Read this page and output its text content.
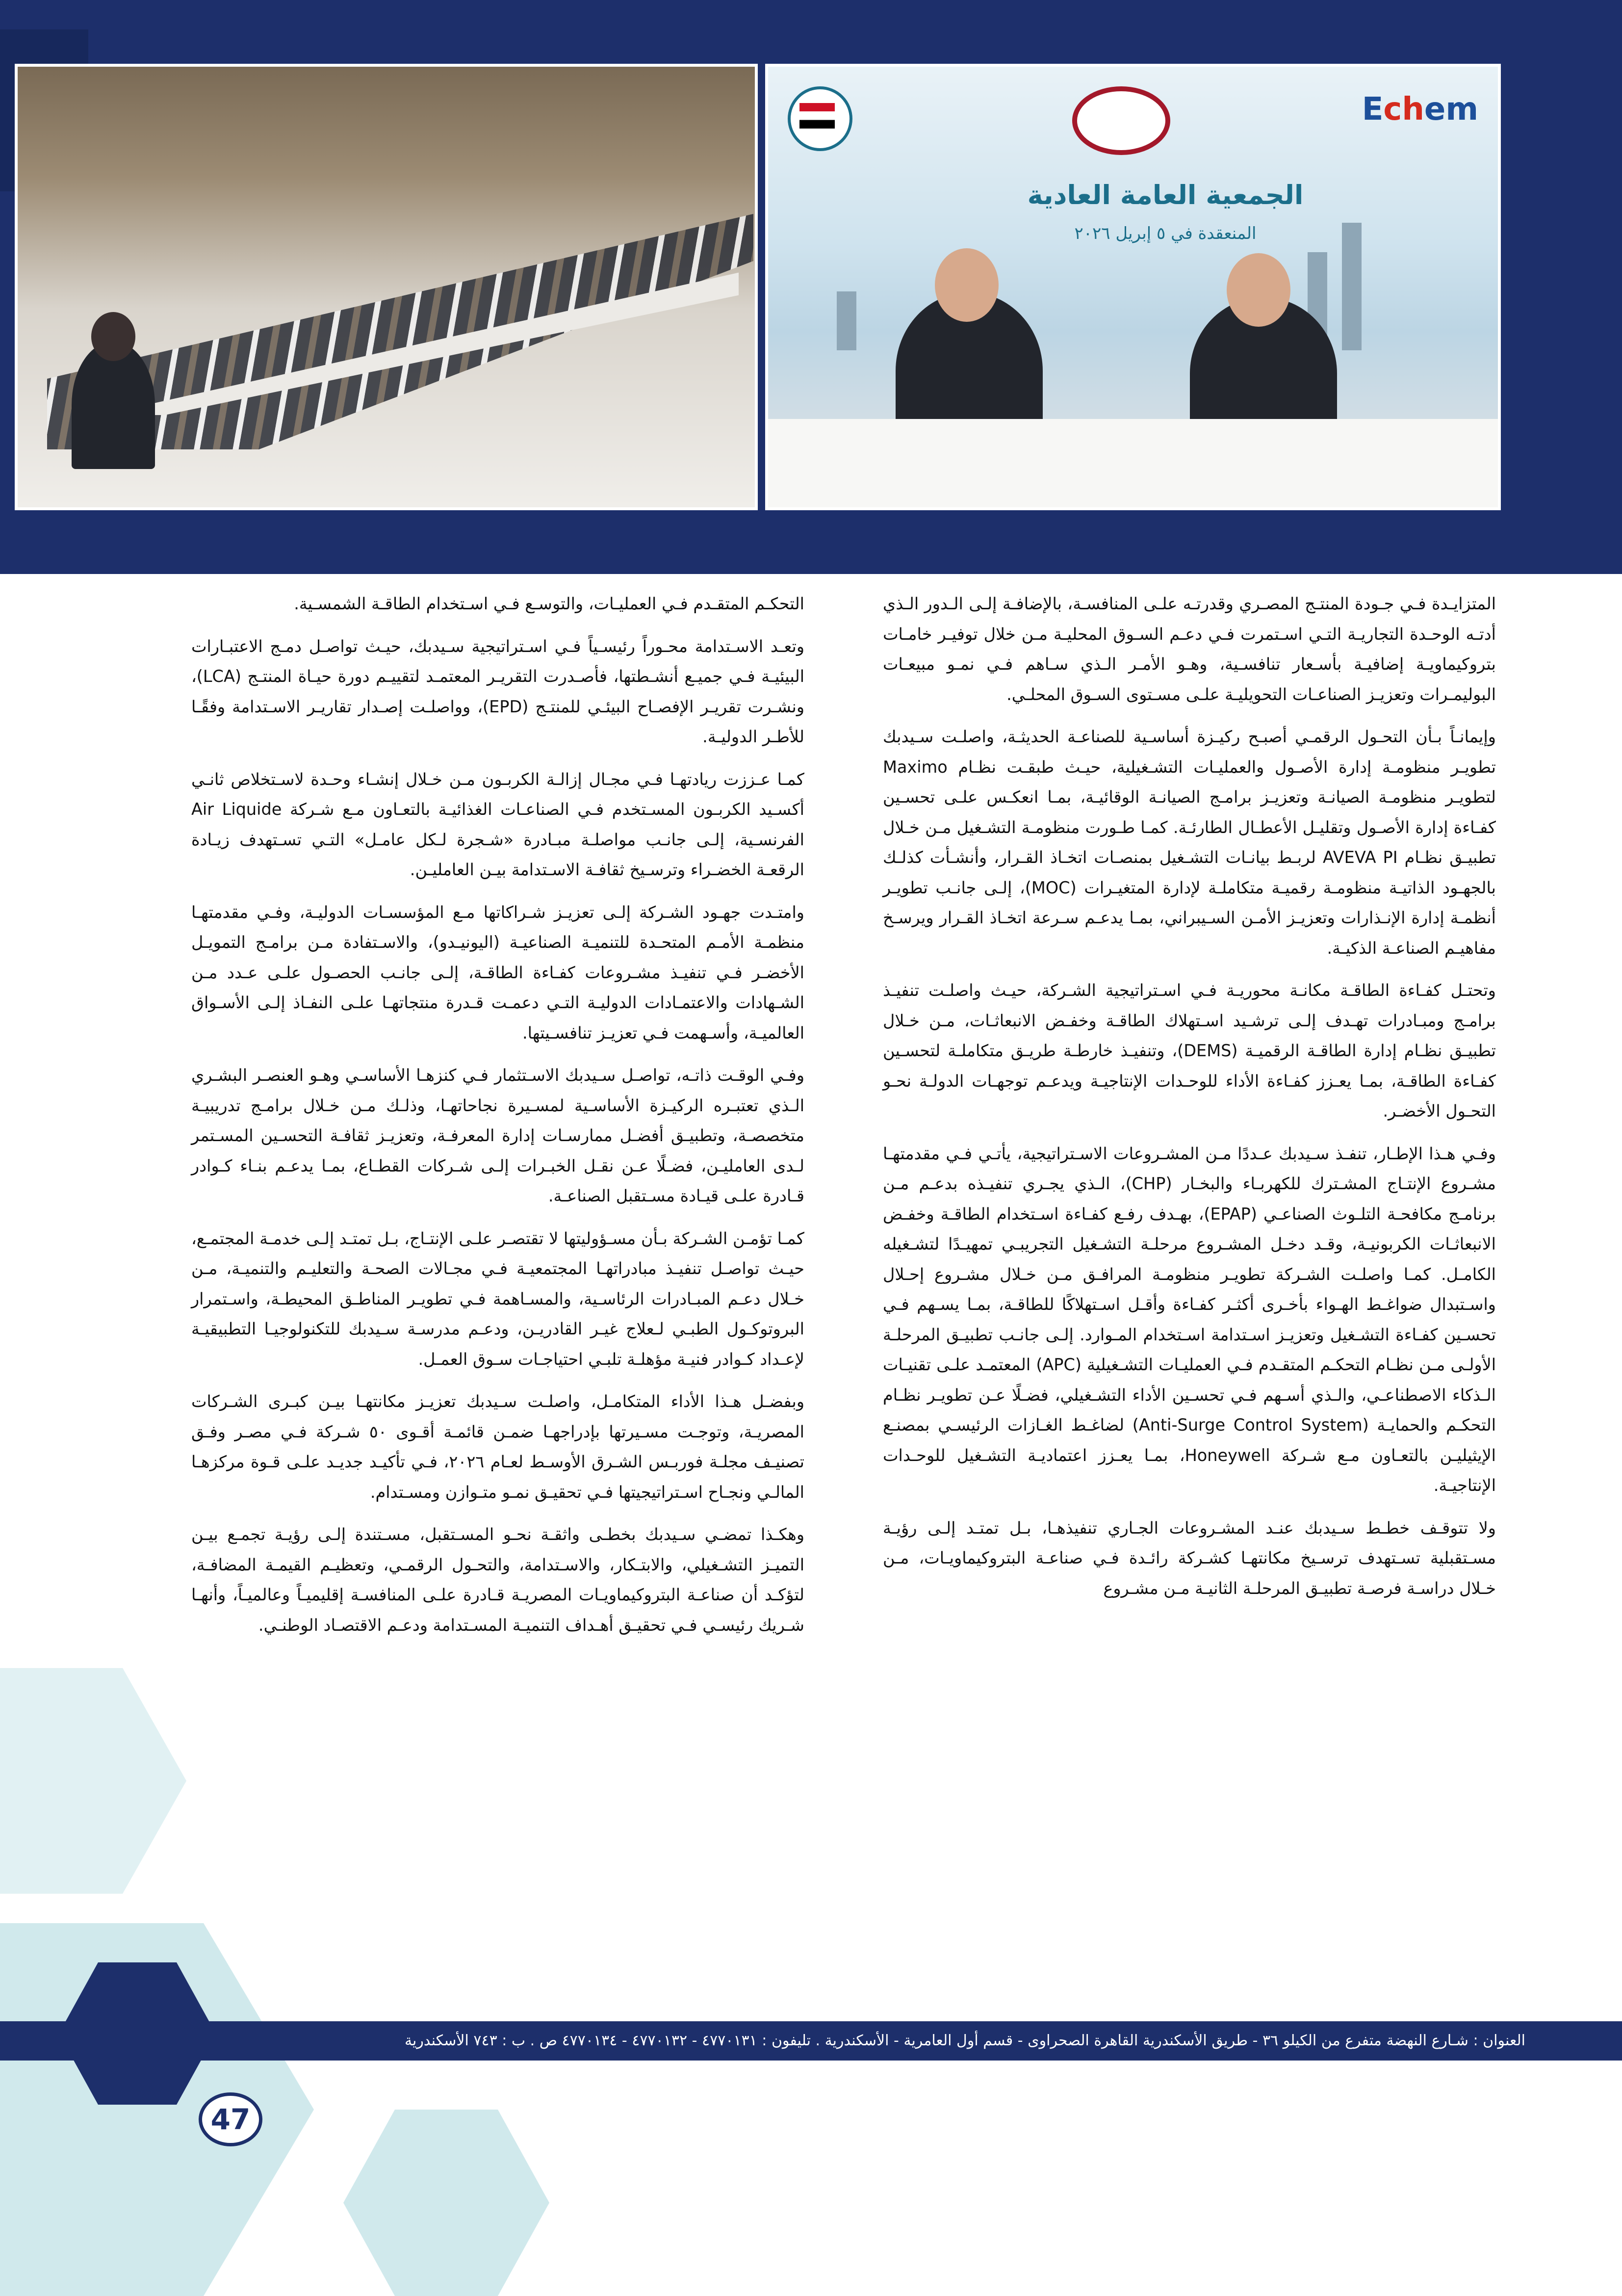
Echem
الجمعية العامة العادية
المنعقدة في ٥ إبريل ٢٠٢٦

المتزايـدة فـي جـودة المنتـج المصـري وقدرتـه علـى المنافسـة، بالإضافـة إلـى الـدور الـذي أدتـه الوحـدة التجاريـة التـي اسـتمرت فـي دعـم السـوق المحليـة مـن خلال توفيـر خامـات بتروكيماويـة إضافيـة بأسـعار تنافسـية، وهـو الأمـر الـذي سـاهم فـي نمـو مبيعـات البوليمـرات وتعزيـز الصناعـات التحويليـة علـى مسـتوى السـوق المحلـي.

وإيمانـاً بـأن التحـول الرقمـي أصبـح ركيـزة أساسـية للصناعـة الحديثـة، واصلـت سـيدبك تطويـر منظومـة إدارة الأصـول والعمليـات التشـغيلية، حيـث طبقـت نظـام Maximo لتطويـر منظومـة الصيانـة وتعزيـز برامـج الصيانـة الوقائيـة، بمـا انعكـس علـى تحسـين كفـاءة إدارة الأصـول وتقليـل الأعطـال الطارئـة. كمـا طـورت منظومـة التشـغيل مـن خـلال تطبيـق نظـام AVEVA PI لربـط بيانـات التشـغيل بمنصـات اتخـاذ القـرار، وأنشـأت كذلـك بالجهـود الذاتيـة منظومـة رقميـة متكاملـة لإدارة المتغيـرات (MOC)، إلـى جانـب تطويـر أنظمـة إدارة الإنـذارات وتعزيـز الأمـن السـيبراني، بمـا يدعـم سـرعة اتخـاذ القـرار ويرسـخ مفاهيـم الصناعـة الذكيـة.

وتحتـل كفـاءة الطاقـة مكانـة محوريـة فـي اسـتراتيجية الشـركة، حيـث واصلـت تنفيـذ برامـج ومبـادرات تهـدف إلـى ترشـيد اسـتهلاك الطاقـة وخفـض الانبعاثـات، مـن خـلال تطبيـق نظـام إدارة الطاقـة الرقميـة (DEMS)، وتنفيـذ خارطـة طريـق متكاملـة لتحسـين كفـاءة الطاقـة، بمـا يعـزز كفـاءة الأداء للوحـدات الإنتاجيـة ويدعـم توجهـات الدولـة نحـو التحـول الأخضـر.

وفـي هـذا الإطـار، تنفـذ سـيدبك عـددًا مـن المشـروعات الاسـتراتيجية، يأتـي فـي مقدمتهـا مشـروع الإنتـاج المشـترك للكهربـاء والبخـار (CHP)، الـذي يجـري تنفيـذه بدعـم مـن برنامـج مكافحـة التلـوث الصناعـي (EPAP)، بهـدف رفـع كفـاءة اسـتخدام الطاقـة وخفـض الانبعاثـات الكربونيـة، وقـد دخـل المشـروع مرحلـة التشـغيل التجريبـي تمهيـدًا لتشـغيله الكامـل. كمـا واصلـت الشـركة تطويـر منظومـة المرافـق مـن خـلال مشـروع إحـلال واسـتبدال ضواغـط الهـواء بأخـرى أكثـر كفـاءة وأقـل اسـتهلاكًا للطاقـة، بمـا يسـهم فـي تحسـين كفـاءة التشـغيل وتعزيـز اسـتدامة اسـتخدام المـوارد. إلـى جانـب تطبيـق المرحلـة الأولـى مـن نظـام التحكـم المتقـدم فـي العمليـات التشـغيلية (APC) المعتمـد علـى تقنيـات الـذكاء الاصطناعـي، والـذي أسـهم فـي تحسـين الأداء التشـغيلي، فضـلًا عـن تطويـر نظـام التحكـم والحمايـة (Anti-Surge Control System) لضاغـط الغـازات الرئيسـي بمصنـع الإيثيليـن بالتعـاون مـع شـركة Honeywell، بمـا يعـزز اعتماديـة التشـغيل للوحـدات الإنتاجيـة.

ولا تتوقـف خطـط سـيدبك عنـد المشـروعات الجـاري تنفيذهـا، بـل تمتـد إلـى رؤيـة مسـتقبلية تسـتهدف ترسـيخ مكانتهـا كشـركة رائـدة فـي صناعـة البتروكيماويـات، مـن خـلال دراسـة فرصـة تطبيـق المرحلـة الثانيـة مـن مشـروع

التحكـم المتقـدم فـي العمليـات، والتوسـع فـي اسـتخدام الطاقـة الشمسـية.

وتعـد الاسـتدامة محـوراً رئيسـياً فـي اسـتراتيجية سـيدبك، حيـث تواصـل دمـج الاعتبـارات البيئيـة فـي جميـع أنشـطتها، فأصـدرت التقريـر المعتمـد لتقييـم دورة حيـاة المنتـج (LCA)، ونشـرت تقريـر الإفصـاح البيئـي للمنتـج (EPD)، وواصلـت إصـدار تقاريـر الاسـتدامة وفقًـا للأطـر الدوليـة.

كمـا عـززت ريادتهـا فـي مجـال إزالـة الكربـون مـن خـلال إنشـاء وحـدة لاسـتخلاص ثانـي أكسـيد الكربـون المسـتخدم فـي الصناعـات الغذائيـة بالتعـاون مـع شـركة Air Liquide الفرنسـية، إلـى جانـب مواصلـة مبـادرة «شـجرة لـكل عامـل» التـي تسـتهدف زيـادة الرقعـة الخضـراء وترسـيخ ثقافـة الاسـتدامة بيـن العامليـن.

وامتـدت جهـود الشـركة إلـى تعزيـز شـراكاتها مـع المؤسسـات الدوليـة، وفـي مقدمتهـا منظمـة الأمـم المتحـدة للتنميـة الصناعيـة (اليونيـدو)، والاسـتفادة مـن برامـج التمويـل الأخضـر فـي تنفيـذ مشـروعات كفـاءة الطاقـة، إلـى جانـب الحصـول علـى عـدد مـن الشـهادات والاعتمـادات الدوليـة التـي دعمـت قـدرة منتجاتهـا علـى النفـاذ إلـى الأسـواق العالميـة، وأسـهمت فـي تعزيـز تنافسـيتها.

وفـي الوقـت ذاتـه، تواصـل سـيدبك الاسـتثمار فـي كنزهـا الأساسـي وهـو العنصـر البشـري الـذي تعتبـره الركيـزة الأساسـية لمسـيرة نجاحاتهـا، وذلـك مـن خـلال برامـج تدريبيـة متخصصـة، وتطبيـق أفضـل ممارسـات إدارة المعرفـة، وتعزيـز ثقافـة التحسـين المسـتمر لـدى العامليـن، فضـلًا عـن نقـل الخبـرات إلـى شـركات القطـاع، بمـا يدعـم بنـاء كـوادر قـادرة علـى قيـادة مسـتقبل الصناعـة.

كمـا تؤمـن الشـركة بـأن مسـؤوليتها لا تقتصـر علـى الإنتـاج، بـل تمتـد إلـى خدمـة المجتمـع، حيـث تواصـل تنفيـذ مبادراتهـا المجتمعيـة فـي مجـالات الصحـة والتعليـم والتنميـة، مـن خـلال دعـم المبـادرات الرئاسـية، والمسـاهمة فـي تطويـر المناطـق المحيطـة، واسـتمرار البروتوكـول الطبـي لـعلاج غيـر القادريـن، ودعـم مدرسـة سـيدبك للتكنولوجيـا التطبيقيـة لإعـداد كـوادر فنيـة مؤهلـة تلبـي احتياجـات سـوق العمـل.

وبفضـل هـذا الأداء المتكامـل، واصلـت سـيدبك تعزيـز مكانتهـا بيـن كبـرى الشـركات المصريـة، وتوجـت مسـيرتها بإدراجهـا ضمـن قائمـة أقـوى ٥٠ شـركة فـي مصـر وفـق تصنيـف مجلـة فوربـس الشـرق الأوسـط لعـام ٢٠٢٦، فـي تأكيـد جديـد علـى قـوة مركزهـا المالـي ونجـاح اسـتراتيجيتها فـي تحقيـق نمـو متـوازن ومسـتدام.

وهكـذا تمضـي سـيدبك بخطـى واثقـة نحـو المسـتقبل، مسـتندة إلـى رؤيـة تجمـع بيـن التميـز التشـغيلي، والابتـكار، والاسـتدامة، والتحـول الرقمـي، وتعظيـم القيمـة المضافـة، لتؤكـد أن صناعـة البتروكيماويـات المصريـة قـادرة علـى المنافسـة إقليميـاً وعالميـاً، وأنهـا شـريك رئيسـي فـي تحقيـق أهـداف التنميـة المسـتدامة ودعـم الاقتصـاد الوطنـي.

العنوان : شـارع النهضة متفرع من الكيلو ٣٦ - طريق الأسكندرية القاهرة الصحراوى - قسم أول العامرية - الأسكندرية . تليفون : ٤٧٧٠١٣١ - ٤٧٧٠١٣٢ - ٤٧٧٠١٣٤ ص . ب : ٧٤٣ الأسكندرية
47
